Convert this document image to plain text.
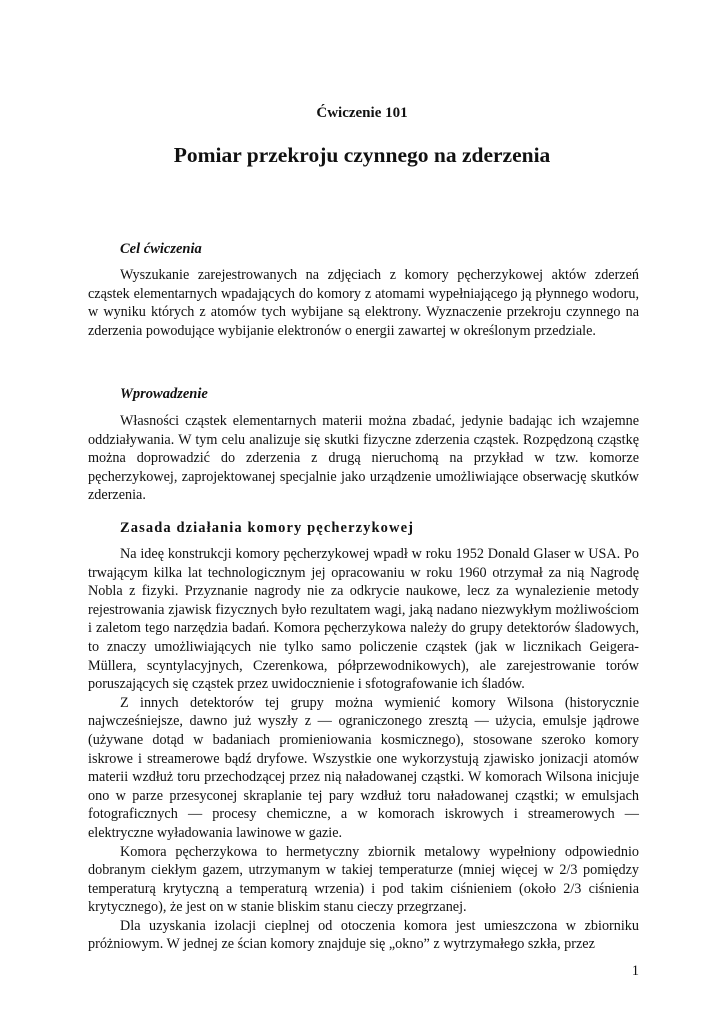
Ćwiczenie 101
Pomiar przekroju czynnego na zderzenia
Cel ćwiczenia

Wyszukanie zarejestrowanych na zdjęciach z komory pęcherzykowej aktów zderzeń cząstek elementarnych wpadających do komory z atomami wypełniającego ją płynnego wodoru, w wyniku których z atomów tych wybijane są elektrony. Wyznaczenie przekroju czynnego na zderzenia powodujące wybijanie elektronów o energii zawartej w określonym przedziale.

Wprowadzenie

Własności cząstek elementarnych materii można zbadać, jedynie badając ich wzajemne oddziaływania. W tym celu analizuje się skutki fizyczne zderzenia cząstek. Rozpędzoną cząstkę można doprowadzić do zderzenia z drugą nieruchomą na przykład w tzw. komorze pęcherzykowej, zaprojektowanej specjalnie jako urządzenie umożliwiające obserwację skutków zderzenia.

Zasada działania komory pęcherzykowej

Na ideę konstrukcji komory pęcherzykowej wpadł w roku 1952 Donald Glaser w USA. Po trwającym kilka lat technologicznym jej opracowaniu w roku 1960 otrzymał za nią Nagrodę Nobla z fizyki. Przyznanie nagrody nie za odkrycie naukowe, lecz za wynalezienie metody rejestrowania zjawisk fizycznych było rezultatem wagi, jaką nadano niezwykłym możliwościom i zaletom tego narzędzia badań. Komora pęcherzykowa należy do grupy detektorów śladowych, to znaczy umożliwiających nie tylko samo policzenie cząstek (jak w licznikach Geigera-Müllera, scyntylacyjnych, Czerenkowa, półprzewodnikowych), ale zarejestrowanie torów poruszających się cząstek przez uwidocznienie i sfotografowanie ich śladów.

Z innych detektorów tej grupy można wymienić komory Wilsona (historycznie najwcześniejsze, dawno już wyszły z — ograniczonego zresztą — użycia, emulsje jądrowe (używane dotąd w badaniach promieniowania kosmicznego), stosowane szeroko komory iskrowe i streamerowe bądź dryfowe. Wszystkie one wykorzystują zjawisko jonizacji atomów materii wzdłuż toru przechodzącej przez nią naładowanej cząstki. W komorach Wilsona inicjuje ono w parze przesyconej skraplanie tej pary wzdłuż toru naładowanej cząstki; w emulsjach fotograficznych — procesy chemiczne, a w komorach iskrowych i streamerowych — elektryczne wyładowania lawinowe w gazie.

Komora pęcherzykowa to hermetyczny zbiornik metalowy wypełniony odpowiednio dobranym ciekłym gazem, utrzymanym w takiej temperaturze (mniej więcej w 2/3 pomiędzy temperaturą krytyczną a temperaturą wrzenia) i pod takim ciśnieniem (około 2/3 ciśnienia krytycznego), że jest on w stanie bliskim stanu cieczy przegrzanej.

Dla uzyskania izolacji cieplnej od otoczenia komora jest umieszczona w zbiorniku próżniowym. W jednej ze ścian komory znajduje się „okno” z wytrzymałego szkła, przez

1
